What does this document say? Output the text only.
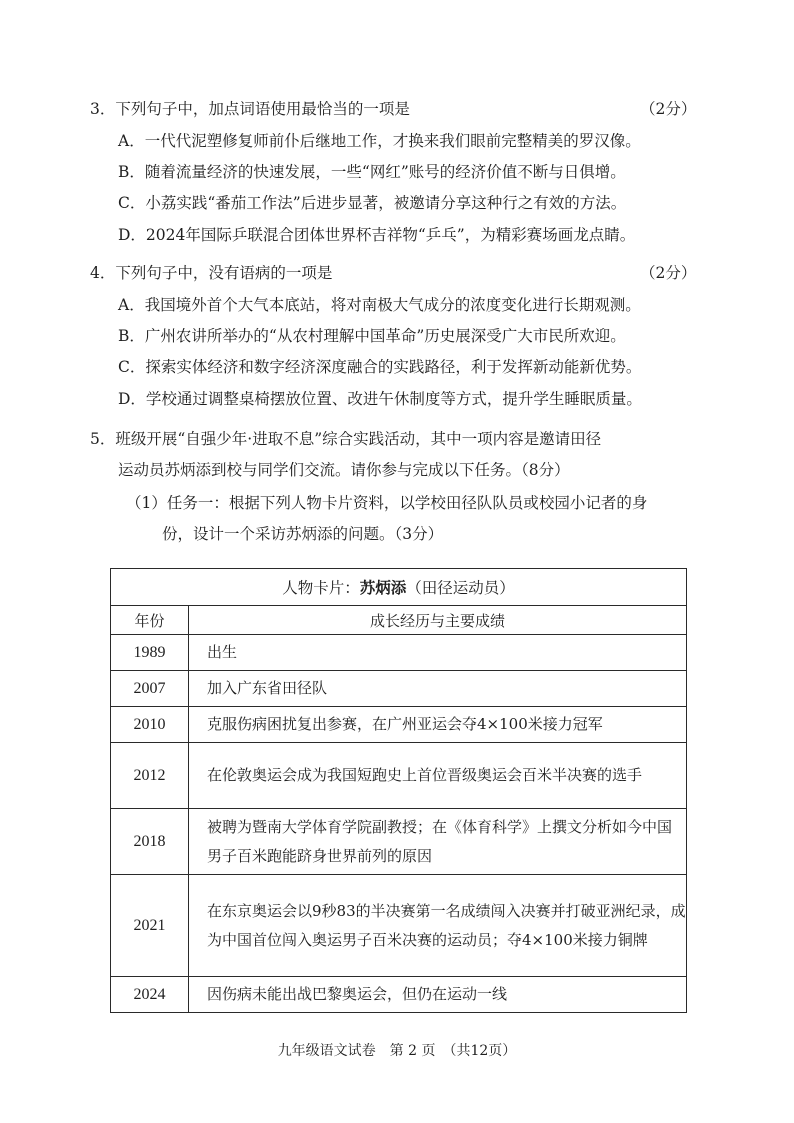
3．下列句子中，加点词语使用最恰当的一项是	（2分）
A．一代代泥塑修复师前仆后继地工作，才换来我们眼前完整精美的罗汉像。
B．随着流量经济的快速发展，一些“网红”账号的经济价值不断与日俱增。
C．小荔实践“番茄工作法”后进步显著，被邀请分享这种行之有效的方法。
D．2024年国际乒联混合团体世界杯吉祥物“乒乓”，为精彩赛场画龙点睛。
4．下列句子中，没有语病的一项是	（2分）
A．我国境外首个大气本底站，将对南极大气成分的浓度变化进行长期观测。
B．广州农讲所举办的“从农村理解中国革命”历史展深受广大市民所欢迎。
C．探索实体经济和数字经济深度融合的实践路径，利于发挥新动能新优势。
D．学校通过调整桌椅摆放位置、改进午休制度等方式，提升学生睡眠质量。
5．班级开展“自强少年·进取不息”综合实践活动，其中一项内容是邀请田径
运动员苏炳添到校与同学们交流。请你参与完成以下任务。（8分）
（1）任务一：根据下列人物卡片资料，以学校田径队队员或校园小记者的身
份，设计一个采访苏炳添的问题。（3分）
人物卡片：苏炳添（田径运动员）	
年份	成长经历与主要成绩
1989	出生
2007	加入广东省田径队
2010	克服伤病困扰复出参赛，在广州亚运会夺4×100米接力冠军
2012	在伦敦奥运会成为我国短跑史上首位晋级奥运会百米半决赛的选手
2018	被聘为暨南大学体育学院副教授；在《体育科学》上撰文分析如今中国男子百米跑能跻身世界前列的原因
2021	在东京奥运会以9秒83的半决赛第一名成绩闯入决赛并打破亚洲纪录，成为中国首位闯入奥运男子百米决赛的运动员；夺4×100米接力铜牌
2024	因伤病未能出战巴黎奥运会，但仍在运动一线
九年级语文试卷　第 2 页　（共12页）
